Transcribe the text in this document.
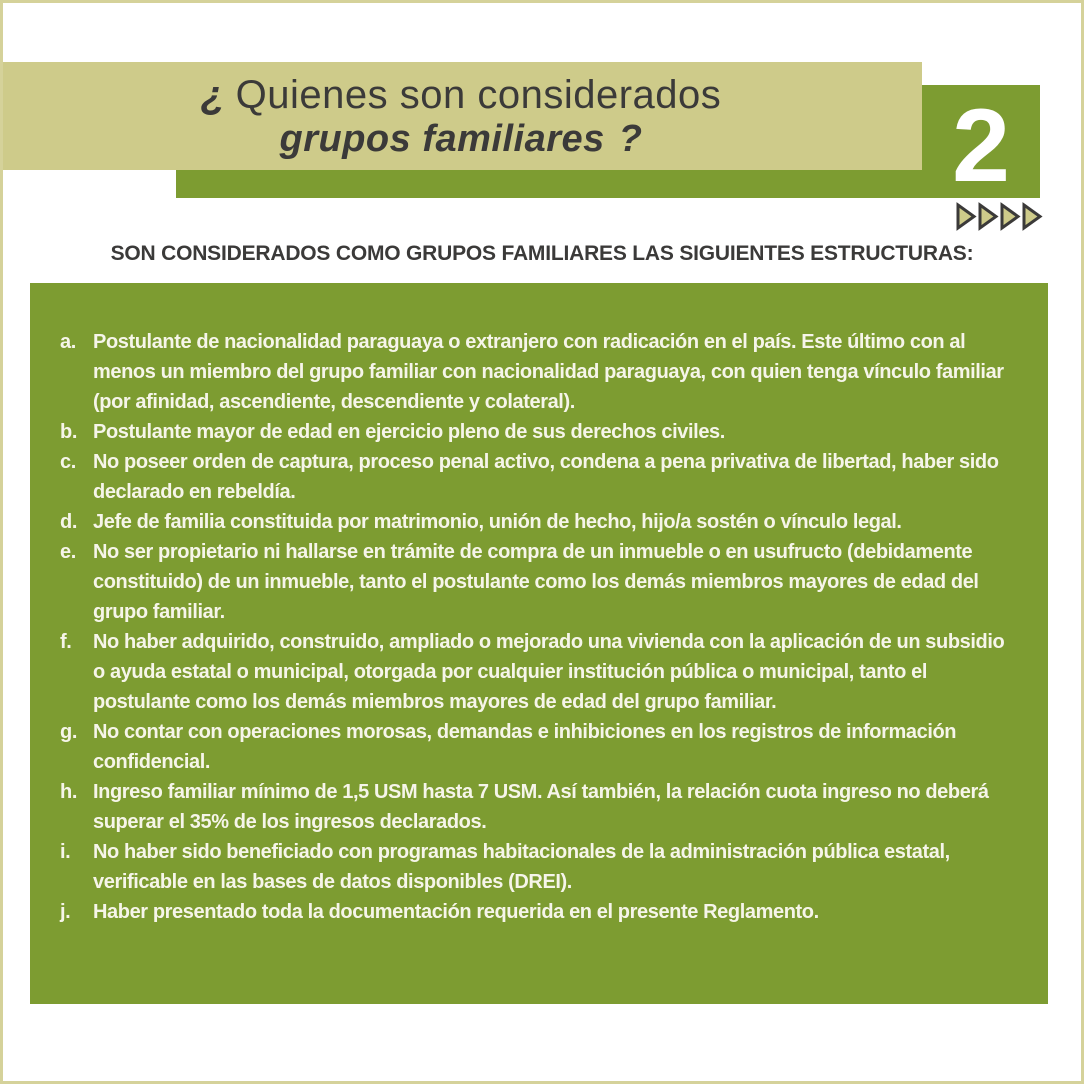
2
¿ Quienes son considerados
grupos familiares ?
SON CONSIDERADOS COMO GRUPOS FAMILIARES LAS SIGUIENTES ESTRUCTURAS:
a. Postulante de nacionalidad paraguaya o extranjero con radicación en el país. Este último con al menos un miembro del grupo familiar con nacionalidad paraguaya, con quien tenga vínculo familiar (por afinidad, ascendiente, descendiente y colateral).
b. Postulante mayor de edad en ejercicio pleno de sus derechos civiles.
c. No poseer orden de captura, proceso penal activo, condena a pena privativa de libertad, haber sido declarado en rebeldía.
d. Jefe de familia constituida por matrimonio, unión de hecho, hijo/a sostén o vínculo legal.
e. No ser propietario ni hallarse en trámite de compra de un inmueble o en usufructo (debidamente constituido) de un inmueble, tanto el postulante como los demás miembros mayores de edad del grupo familiar.
f.	No haber adquirido, construido, ampliado o mejorado una vivienda con la aplicación de un subsidio o ayuda estatal o municipal, otorgada por cualquier institución pública o municipal, tanto el postulante como los demás miembros mayores de edad del grupo familiar.
g. No contar con operaciones morosas, demandas e inhibiciones en los registros de información confidencial.
h. Ingreso familiar mínimo de 1,5 USM hasta 7 USM. Así también, la relación cuota ingreso no deberá superar el 35% de los ingresos declarados.
i.	No haber sido beneficiado con programas habitacionales de la administración pública estatal, verificable en las bases de datos disponibles (DREI).
j.	Haber presentado toda la documentación requerida en el presente Reglamento.
